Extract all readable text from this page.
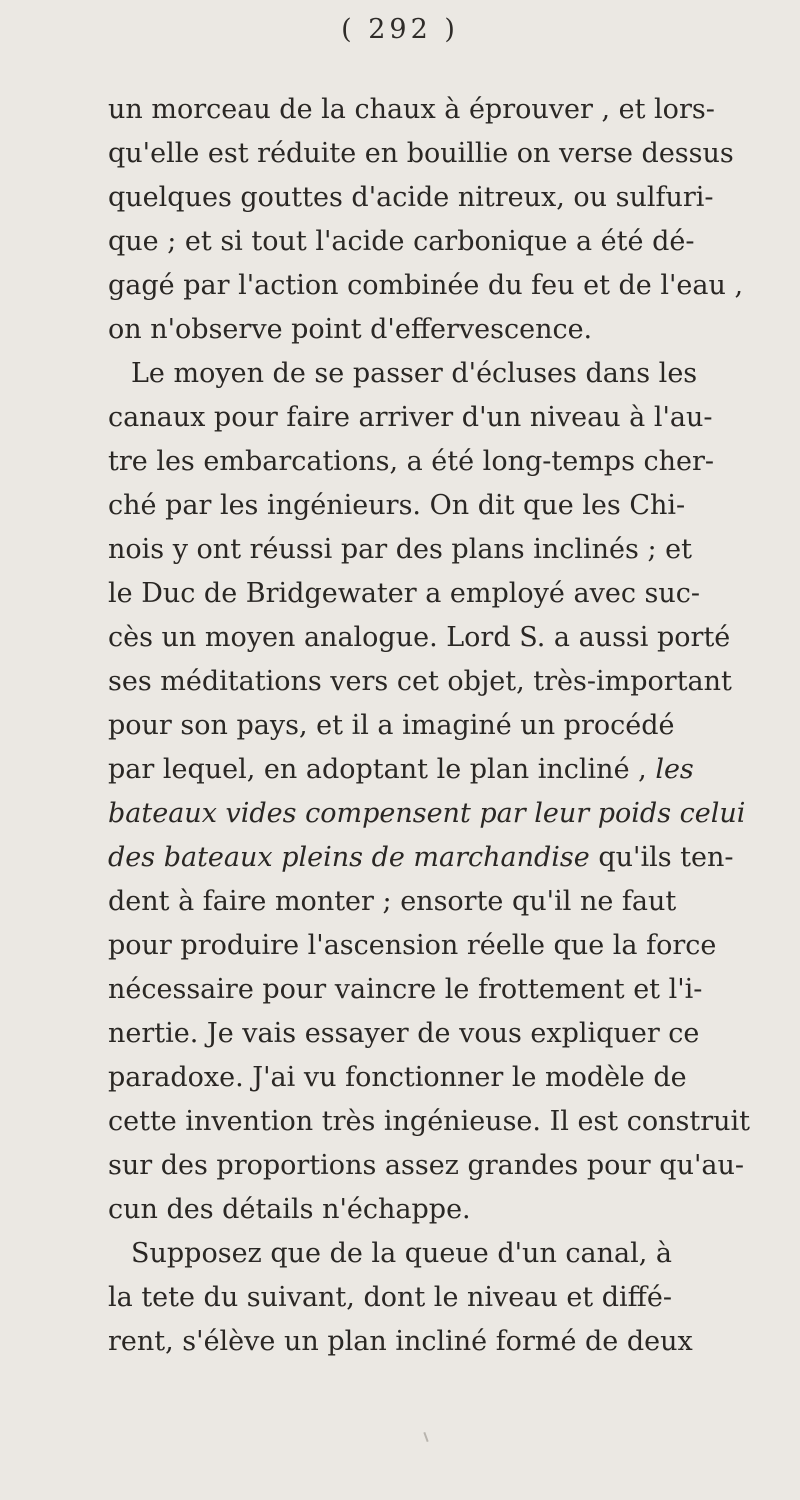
( 292 )
un morceau de la chaux à éprouver , et lors-
qu'elle est réduite en bouillie on verse dessus
quelques gouttes d'acide nitreux, ou sulfuri-
que ; et si tout l'acide carbonique a été dé-
gagé par l'action combinée du feu et de l'eau ,
on n'observe point d'effervescence.
Le moyen de se passer d'écluses dans les
canaux pour faire arriver d'un niveau à l'au-
tre les embarcations, a été long-temps cher-
ché par les ingénieurs. On dit que les Chi-
nois y ont réussi par des plans inclinés ; et
le Duc de Bridgewater a employé avec suc-
cès un moyen analogue. Lord S. a aussi porté
ses méditations vers cet objet, très-important
pour son pays, et il a imaginé un procédé
par lequel, en adoptant le plan incliné , les
bateaux vides compensent par leur poids celui
des bateaux pleins de marchandise qu'ils ten-
dent à faire monter ; ensorte qu'il ne faut
pour produire l'ascension réelle que la force
nécessaire pour vaincre le frottement et l'i-
nertie. Je vais essayer de vous expliquer ce
paradoxe. J'ai vu fonctionner le modèle de
cette invention très ingénieuse. Il est construit
sur des proportions assez grandes pour qu'au-
cun des détails n'échappe.
Supposez que de la queue d'un canal, à
la tete du suivant, dont le niveau et diffé-
rent, s'élève un plan incliné formé de deux
